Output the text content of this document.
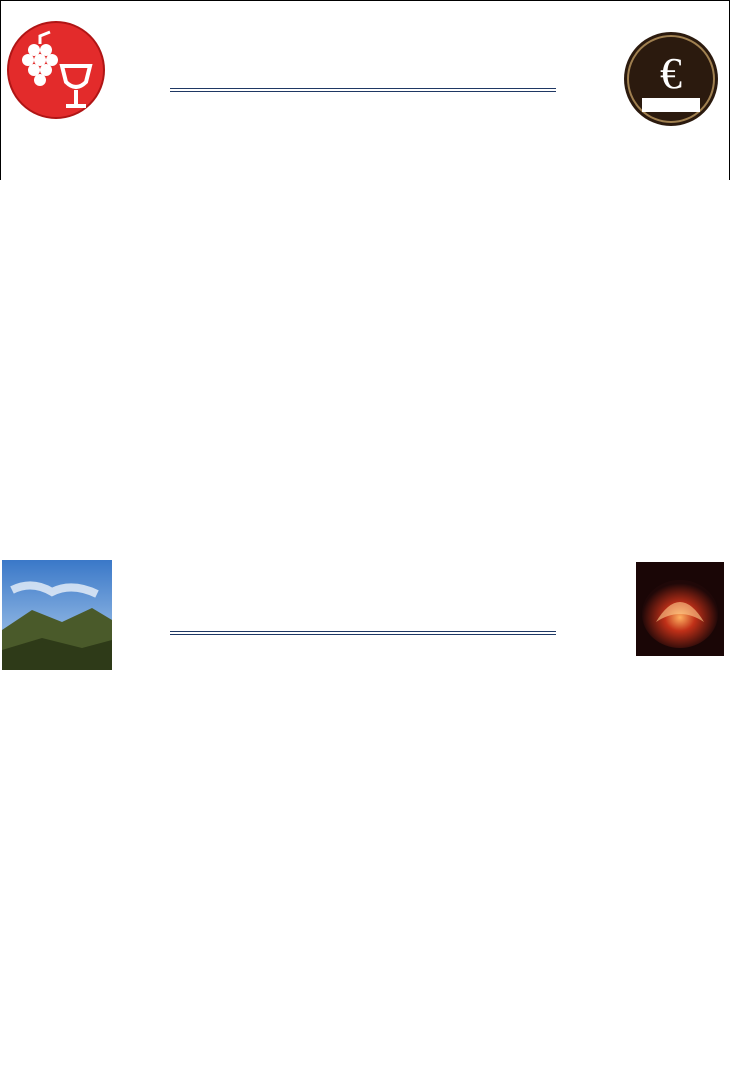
€
